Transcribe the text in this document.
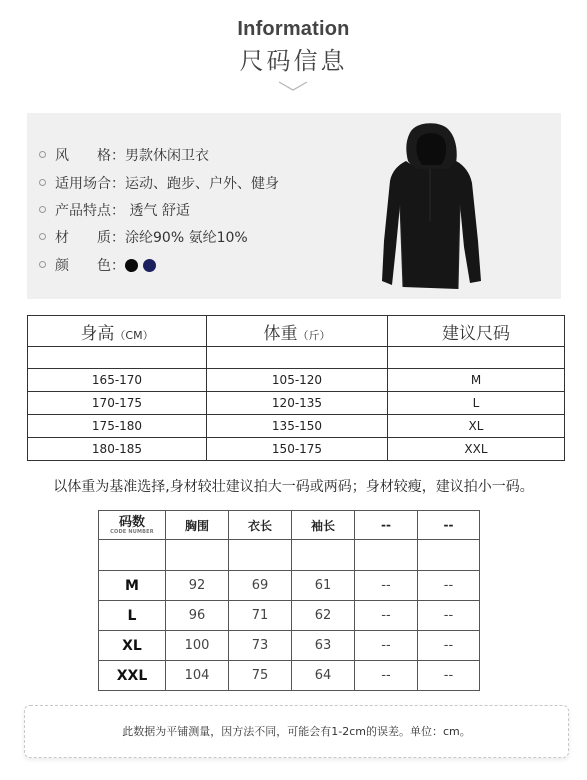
Information
尺码信息
风　　格：男款休闲卫衣
适用场合：运动、跑步、户外、健身
产品特点： 透气 舒适
材　　质：涂纶90% 氨纶10%
颜　　色：
身高（CM）	体重（斤）	建议尺码

165-170	105-120	M
170-175	120-135	L
175-180	135-150	XL
180-185	150-175	XXL
以体重为基准选择,身材较壮建议拍大一码或两码；身材较瘦，建议拍小一码。
码数
CODE NUMBER	胸围	衣长	袖长	--	--

M	92	69	61	--	--
L	96	71	62	--	--
XL	100	73	63	--	--
XXL	104	75	64	--	--
此数据为平铺测量，因方法不同，可能会有1-2cm的误差。单位：cm。
